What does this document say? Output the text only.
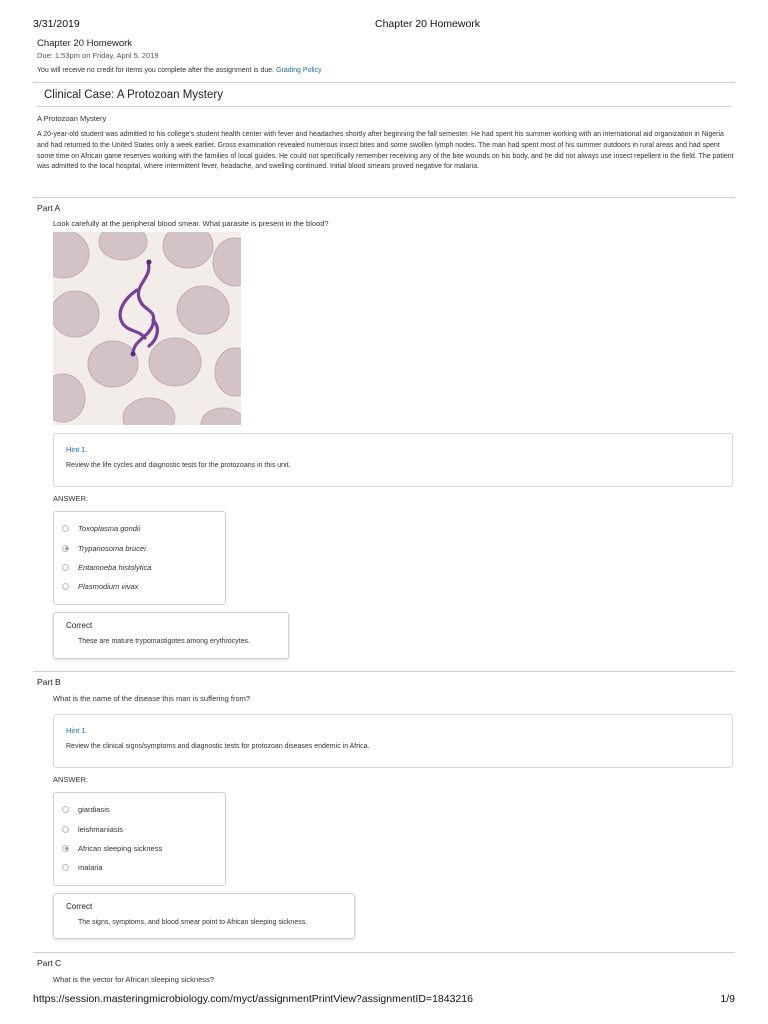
3/31/2019	Chapter 20 Homework
Chapter 20 Homework
Due: 1:53pm on Friday, April 5, 2019
You will receive no credit for items you complete after the assignment is due. Grading Policy
Clinical Case: A Protozoan Mystery
A Protozoan Mystery
A 20-year-old student was admitted to his college's student health center with fever and headaches shortly after beginning the fall semester. He had spent his summer working with an international aid organization in Nigeria and had returned to the United States only a week earlier. Gross examination revealed numerous insect bites and some swollen lymph nodes. The man had spent most of his summer outdoors in rural areas and had spent some time on African game reserves working with the families of local guides. He could not specifically remember receiving any of the bite wounds on his body, and he did not always use insect repellent in the field. The patient was admitted to the local hospital, where intermittent fever, headache, and swelling continued. Initial blood smears proved negative for malaria.
Part A
Look carefully at the peripheral blood smear. What parasite is present in the blood?
Hint 1.
Review the life cycles and diagnostic tests for the protozoans in this unit.
ANSWER:
Toxoplasma gondii
Trypanosoma brucei
Entamoeba histolytica
Plasmodium vivax
Correct
These are mature trypomastigotes among erythrocytes.
Part B
What is the name of the disease this man is suffering from?
Hint 1.
Review the clinical signs/symptoms and diagnostic tests for protozoan diseases endemic in Africa.
ANSWER:
giardiasis
leishmaniasis
African sleeping sickness
malaria
Correct
The signs, symptoms, and blood smear point to African sleeping sickness.
Part C
What is the vector for African sleeping sickness?
https://session.masteringmicrobiology.com/myct/assignmentPrintView?assignmentID=1843216	1/9
